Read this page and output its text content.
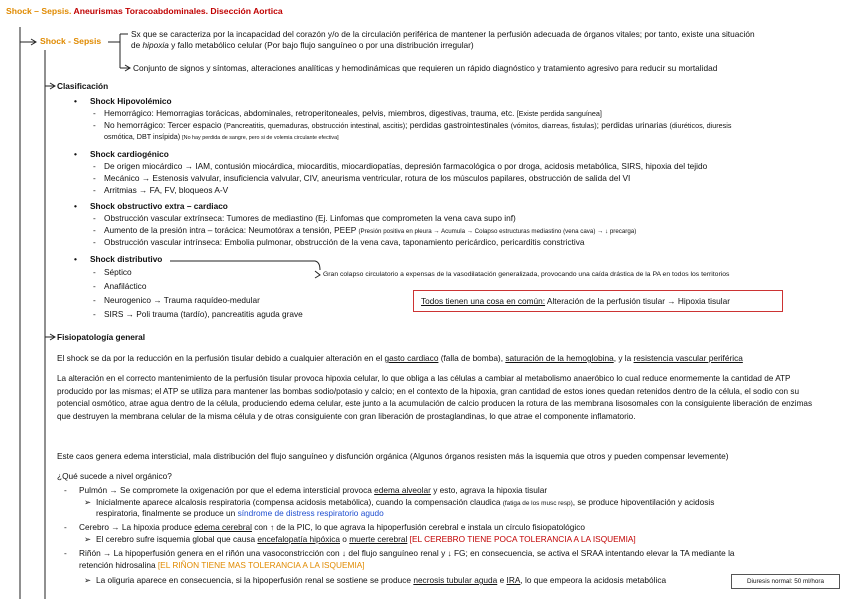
Shock – Sepsis. Aneurismas Toracoabdominales. Disección Aortica
Shock - Sepsis
Sx que se caracteriza por la incapacidad del corazón y/o de la circulación periférica de mantener la perfusión adecuada de órganos vitales; por tanto, existe una situación
de hipoxia y fallo metabólico celular (Por bajo flujo sanguíneo o por una distribución irregular)
Conjunto de signos y síntomas, alteraciones analíticas y hemodinámicas que requieren un rápido diagnóstico y tratamiento agresivo para reducir su mortalidad
Clasificación
• Shock Hipovolémico
- Hemorrágico: Hemorragias torácicas, abdominales, retroperitoneales, pelvis, miembros, digestivas, trauma, etc. [Existe perdida sanguínea]
- No hemorrágico: Tercer espacio (Pancreatitis, quemaduras, obstrucción intestinal, ascitis); perdidas gastrointestinales (vómitos, diarreas, fistulas); perdidas urinarias (diuréticos, diuresis
osmótica, DBT insípida) [No hay perdida de sangre, pero si de volemia circulante efectiva]
• Shock cardiogénico
- De origen miocárdico → IAM, contusión miocárdica, miocarditis, miocardiopatías, depresión farmacológica o por droga, acidosis metabólica, SIRS, hipoxia del tejido
- Mecánico → Estenosis valvular, insuficiencia valvular, CIV, aneurisma ventricular, rotura de los músculos papilares, obstrucción de salida del VI
- Arritmias → FA, FV, bloqueos A-V
• Shock obstructivo extra – cardiaco
- Obstrucción vascular extrínseca: Tumores de mediastino (Ej. Linfomas que comprometen la vena cava supo inf)
- Aumento de la presión intra – torácica: Neumotórax a tensión, PEEP (Presión positiva en pleura → Acumula → Colapso estructuras mediastino (vena cava) → ↓ precarga)
- Obstrucción vascular intrínseca: Embolia pulmonar, obstrucción de la vena cava, taponamiento pericárdico, pericarditis constrictiva
• Shock distributivo
Gran colapso circulatorio a expensas de la vasodilatación generalizada, provocando una caída drástica de la PA en todos los territorios
- Séptico
- Anafiláctico
- Neurogenico → Trauma raquídeo-medular
- SIRS → Poli trauma (tardío), pancreatitis aguda grave
Todos tienen una cosa en común: Alteración de la perfusión tisular → Hipoxia tisular
Fisiopatología general
El shock se da por la reducción en la perfusión tisular debido a cualquier alteración en el gasto cardiaco (falla de bomba), saturación de la hemoglobina, y la resistencia vascular periférica
La alteración en el correcto mantenimiento de la perfusión tisular provoca hipoxia celular, lo que obliga a las células a cambiar al metabolismo anaeróbico lo cual reduce enormemente la cantidad de ATP producido por las mismas; el ATP se utiliza para mantener las bombas sodio/potasio y calcio; en el contexto de la hipoxia, gran cantidad de estos iones quedan retenidos dentro de la célula, el sodio con su potencial osmótico, atrae agua dentro de la célula, produciendo edema celular, este junto a la acumulación de calcio producen la rotura de las membrana lisosomales con la consiguiente liberación de enzimas que destruyen la membrana celular de la misma célula y de otras consiguiente con gran liberación de prostaglandinas, lo que atrae el componente inflamatorio.
Este caos genera edema intersticial, mala distribución del flujo sanguíneo y disfunción orgánica (Algunos órganos resisten más la isquemia que otros y pueden compensar levemente)
¿Qué sucede a nivel orgánico?
- Pulmón → Se compromete la oxigenación por que el edema intersticial provoca edema alveolar y esto, agrava la hipoxia tisular
➢ Inicialmente aparece alcalosis respiratoria (compensa acidosis metabólica), cuando la compensación claudica (fatiga de los musc resp), se produce hipoventilación y acidosis
respiratoria, finalmente se produce un síndrome de distress respiratorio agudo
- Cerebro → La hipoxia produce edema cerebral con ↑ de la PIC, lo que agrava la hipoperfusión cerebral e instala un círculo fisiopatológico
➢ El cerebro sufre isquemia global que causa encefalopatía hipóxica o muerte cerebral [EL CEREBRO TIENE POCA TOLERANCIA A LA ISQUEMIA]
- Riñón → La hipoperfusión genera en el riñón una vasoconstricción con ↓ del flujo sanguíneo renal y ↓ FG; en consecuencia, se activa el SRAA intentando elevar la TA mediante la
retención hidrosalina [EL RIÑON TIENE MAS TOLERANCIA A LA ISQUEMIA]
➢ La oliguria aparece en consecuencia, si la hipoperfusión renal se sostiene se produce necrosis tubular aguda e IRA, lo que empeora la acidosis metabólica	Diuresis normal: 50 ml/hora
